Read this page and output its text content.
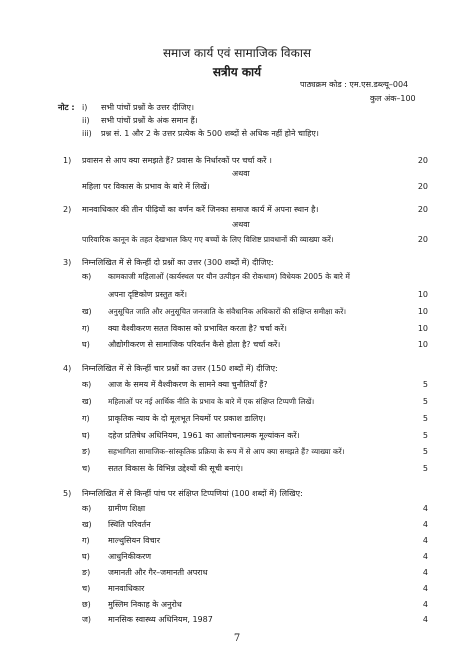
समाज कार्य एवं सामाजिक विकास
सत्रीय कार्य
पाठ्यक्रम कोड : एम.एस.डब्ल्यू–004
कुल अंक–100
नोट : i) सभी पांचों प्रश्नों के उत्तर दीजिए।
ii) सभी पांचों प्रश्नों के अंक समान हैं।
iii) प्रश्न सं. 1 और 2 के उत्तर प्रत्येक के 500 शब्दों से अधिक नहीं होने चाहिए।
1) प्रवासन से आप क्या समझते हैं? प्रवास के निर्धारकों पर चर्चा करें ।	20
अथवा
महिला पर विकास के प्रभाव के बारे में लिखें।	20
2) मानवाधिकार की तीन पीढ़ियों का वर्णन करें जिनका समाज कार्य में अपना स्थान है।	20
अथवा
पारिवारिक कानून के तहत देखभाल किए गए बच्चों के लिए विशिष्ट प्रावधानों की व्याख्या करें।	20
3) निम्नलिखित में से किन्हीं दो प्रश्नों का उत्तर (300 शब्दों में) दीजिए:
क) कामकाजी महिलाओं (कार्यस्थल पर यौन उत्पीड़न की रोकथाम) विधेयक 2005 के बारे में
अपना दृष्टिकोण प्रस्तुत करें।	10
ख) अनुसूचित जाति और अनुसूचित जनजाति के संवैधानिक अधिकारों की संक्षिप्त समीक्षा करें।	10
ग) क्या वैश्वीकरण सतत विकास को प्रभावित करता है? चर्चा करें।	10
घ) औद्योगीकरण से सामाजिक परिवर्तन कैसे होता है? चर्चा करें।	10
4) निम्नलिखित में से किन्हीं चार प्रश्नों का उत्तर (150 शब्दों में) दीजिए:
क) आज के समय में वैश्वीकरण के सामने क्या चुनौतियाँ हैं?	5
ख) महिलाओं पर नई आर्थिक नीति के प्रभाव के बारे में एक संक्षिप्त टिप्पणी लिखें।	5
ग) प्राकृतिक न्याय के दो मूलभूत नियमों पर प्रकाश डालिए।	5
घ) दहेज प्रतिषेध अधिनियम, 1961 का आलोचनात्मक मूल्यांकन करें।	5
ङ) सहभागिता सामाजिक–सांस्कृतिक प्रक्रिया के रूप में से आप क्या समझते हैं? व्याख्या करें।	5
च) सतत विकास के विभिन्न उद्देश्यों की सूची बनाएं।	5
5) निम्नलिखित में से किन्हीं पांच पर संक्षिप्त टिप्पणियां (100 शब्दों में) लिखिए:
क) ग्रामीण शिक्षा	4
ख) स्थिति परिवर्तन	4
ग) माल्थुसियन विचार	4
घ) आधुनिकीकरण	4
ङ) जमानती और गैर–जमानती अपराध	4
च) मानवाधिकार	4
छ) मुस्लिम निकाह के अनुरोध	4
ज) मानसिक स्वास्थ्य अधिनियम, 1987	4
7
